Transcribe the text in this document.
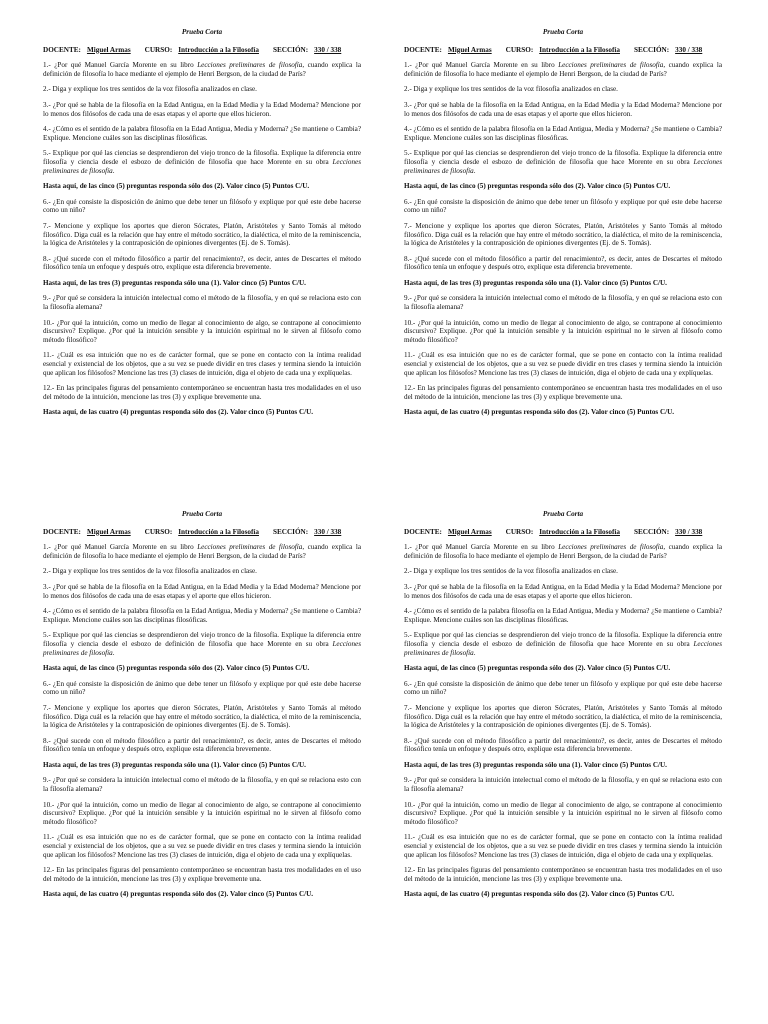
Prueba Corta
DOCENTE: Miguel Armas CURSO: Introducción a la Filosofía SECCIÓN: 330 / 338

1.- ¿Por qué Manuel García Morente en su libro Lecciones preliminares de filosofía, cuando explica la definición de filosofía lo hace mediante el ejemplo de Henri Bergson, de la ciudad de París?

2.- Diga y explique los tres sentidos de la voz filosofía analizados en clase.

3.- ¿Por qué se habla de la filosofía en la Edad Antigua, en la Edad Media y la Edad Moderna? Mencione por lo menos dos filósofos de cada una de esas etapas y el aporte que ellos hicieron.

4.- ¿Cómo es el sentido de la palabra filosofía en la Edad Antigua, Media y Moderna? ¿Se mantiene o Cambia? Explique. Mencione cuáles son las disciplinas filosóficas.

5.- Explique por qué las ciencias se desprendieron del viejo tronco de la filosofía. Explique la diferencia entre filosofía y ciencia desde el esbozo de definición de filosofía que hace Morente en su obra Lecciones preliminares de filosofía.

Hasta aquí, de las cinco (5) preguntas responda sólo dos (2). Valor cinco (5) Puntos C/U.

6.- ¿En qué consiste la disposición de ánimo que debe tener un filósofo y explique por qué este debe hacerse como un niño?

7.- Mencione y explique los aportes que dieron Sócrates, Platón, Aristóteles y Santo Tomás al método filosófico. Diga cuál es la relación que hay entre el método socrático, la dialéctica, el mito de la reminiscencia, la lógica de Aristóteles y la contraposición de opiniones divergentes (Ej. de S. Tomás).

8.- ¿Qué sucede con el método filosófico a partir del renacimiento?, es decir, antes de Descartes el método filosófico tenía un enfoque y después otro, explique esta diferencia brevemente.

Hasta aquí, de las tres (3) preguntas responda sólo una (1). Valor cinco (5) Puntos C/U.

9.- ¿Por qué se considera la intuición intelectual como el método de la filosofía, y en qué se relaciona esto con la filosofía alemana?

10.- ¿Por qué la intuición, como un medio de llegar al conocimiento de algo, se contrapone al conocimiento discursivo? Explique. ¿Por qué la intuición sensible y la intuición espiritual no le sirven al filósofo como método filosófico?

11.- ¿Cuál es esa intuición que no es de carácter formal, que se pone en contacto con la íntima realidad esencial y existencial de los objetos, que a su vez se puede dividir en tres clases y termina siendo la intuición que aplican los filósofos? Mencione las tres (3) clases de intuición, diga el objeto de cada una y explíquelas.

12.- En las principales figuras del pensamiento contemporáneo se encuentran hasta tres modalidades en el uso del método de la intuición, mencione las tres (3) y explique brevemente una.

Hasta aquí, de las cuatro (4) preguntas responda sólo dos (2). Valor cinco (5) Puntos C/U.

Prueba Corta
DOCENTE: Miguel Armas CURSO: Introducción a la Filosofía SECCIÓN: 330 / 338

1.- ¿Por qué Manuel García Morente en su libro Lecciones preliminares de filosofía, cuando explica la definición de filosofía lo hace mediante el ejemplo de Henri Bergson, de la ciudad de París?

2.- Diga y explique los tres sentidos de la voz filosofía analizados en clase.

3.- ¿Por qué se habla de la filosofía en la Edad Antigua, en la Edad Media y la Edad Moderna? Mencione por lo menos dos filósofos de cada una de esas etapas y el aporte que ellos hicieron.

4.- ¿Cómo es el sentido de la palabra filosofía en la Edad Antigua, Media y Moderna? ¿Se mantiene o Cambia? Explique. Mencione cuáles son las disciplinas filosóficas.

5.- Explique por qué las ciencias se desprendieron del viejo tronco de la filosofía. Explique la diferencia entre filosofía y ciencia desde el esbozo de definición de filosofía que hace Morente en su obra Lecciones preliminares de filosofía.

Hasta aquí, de las cinco (5) preguntas responda sólo dos (2). Valor cinco (5) Puntos C/U.

6.- ¿En qué consiste la disposición de ánimo que debe tener un filósofo y explique por qué este debe hacerse como un niño?

7.- Mencione y explique los aportes que dieron Sócrates, Platón, Aristóteles y Santo Tomás al método filosófico. Diga cuál es la relación que hay entre el método socrático, la dialéctica, el mito de la reminiscencia, la lógica de Aristóteles y la contraposición de opiniones divergentes (Ej. de S. Tomás).

8.- ¿Qué sucede con el método filosófico a partir del renacimiento?, es decir, antes de Descartes el método filosófico tenía un enfoque y después otro, explique esta diferencia brevemente.

Hasta aquí, de las tres (3) preguntas responda sólo una (1). Valor cinco (5) Puntos C/U.

9.- ¿Por qué se considera la intuición intelectual como el método de la filosofía, y en qué se relaciona esto con la filosofía alemana?

10.- ¿Por qué la intuición, como un medio de llegar al conocimiento de algo, se contrapone al conocimiento discursivo? Explique. ¿Por qué la intuición sensible y la intuición espiritual no le sirven al filósofo como método filosófico?

11.- ¿Cuál es esa intuición que no es de carácter formal, que se pone en contacto con la íntima realidad esencial y existencial de los objetos, que a su vez se puede dividir en tres clases y termina siendo la intuición que aplican los filósofos? Mencione las tres (3) clases de intuición, diga el objeto de cada una y explíquelas.

12.- En las principales figuras del pensamiento contemporáneo se encuentran hasta tres modalidades en el uso del método de la intuición, mencione las tres (3) y explique brevemente una.

Hasta aquí, de las cuatro (4) preguntas responda sólo dos (2). Valor cinco (5) Puntos C/U.

Prueba Corta
DOCENTE: Miguel Armas CURSO: Introducción a la Filosofía SECCIÓN: 330 / 338

1.- ¿Por qué Manuel García Morente en su libro Lecciones preliminares de filosofía, cuando explica la definición de filosofía lo hace mediante el ejemplo de Henri Bergson, de la ciudad de París?

2.- Diga y explique los tres sentidos de la voz filosofía analizados en clase.

3.- ¿Por qué se habla de la filosofía en la Edad Antigua, en la Edad Media y la Edad Moderna? Mencione por lo menos dos filósofos de cada una de esas etapas y el aporte que ellos hicieron.

4.- ¿Cómo es el sentido de la palabra filosofía en la Edad Antigua, Media y Moderna? ¿Se mantiene o Cambia? Explique. Mencione cuáles son las disciplinas filosóficas.

5.- Explique por qué las ciencias se desprendieron del viejo tronco de la filosofía. Explique la diferencia entre filosofía y ciencia desde el esbozo de definición de filosofía que hace Morente en su obra Lecciones preliminares de filosofía.

Hasta aquí, de las cinco (5) preguntas responda sólo dos (2). Valor cinco (5) Puntos C/U.

6.- ¿En qué consiste la disposición de ánimo que debe tener un filósofo y explique por qué este debe hacerse como un niño?

7.- Mencione y explique los aportes que dieron Sócrates, Platón, Aristóteles y Santo Tomás al método filosófico. Diga cuál es la relación que hay entre el método socrático, la dialéctica, el mito de la reminiscencia, la lógica de Aristóteles y la contraposición de opiniones divergentes (Ej. de S. Tomás).

8.- ¿Qué sucede con el método filosófico a partir del renacimiento?, es decir, antes de Descartes el método filosófico tenía un enfoque y después otro, explique esta diferencia brevemente.

Hasta aquí, de las tres (3) preguntas responda sólo una (1). Valor cinco (5) Puntos C/U.

9.- ¿Por qué se considera la intuición intelectual como el método de la filosofía, y en qué se relaciona esto con la filosofía alemana?

10.- ¿Por qué la intuición, como un medio de llegar al conocimiento de algo, se contrapone al conocimiento discursivo? Explique. ¿Por qué la intuición sensible y la intuición espiritual no le sirven al filósofo como método filosófico?

11.- ¿Cuál es esa intuición que no es de carácter formal, que se pone en contacto con la íntima realidad esencial y existencial de los objetos, que a su vez se puede dividir en tres clases y termina siendo la intuición que aplican los filósofos? Mencione las tres (3) clases de intuición, diga el objeto de cada una y explíquelas.

12.- En las principales figuras del pensamiento contemporáneo se encuentran hasta tres modalidades en el uso del método de la intuición, mencione las tres (3) y explique brevemente una.

Hasta aquí, de las cuatro (4) preguntas responda sólo dos (2). Valor cinco (5) Puntos C/U.

Prueba Corta
DOCENTE: Miguel Armas CURSO: Introducción a la Filosofía SECCIÓN: 330 / 338

1.- ¿Por qué Manuel García Morente en su libro Lecciones preliminares de filosofía, cuando explica la definición de filosofía lo hace mediante el ejemplo de Henri Bergson, de la ciudad de París?

2.- Diga y explique los tres sentidos de la voz filosofía analizados en clase.

3.- ¿Por qué se habla de la filosofía en la Edad Antigua, en la Edad Media y la Edad Moderna? Mencione por lo menos dos filósofos de cada una de esas etapas y el aporte que ellos hicieron.

4.- ¿Cómo es el sentido de la palabra filosofía en la Edad Antigua, Media y Moderna? ¿Se mantiene o Cambia? Explique. Mencione cuáles son las disciplinas filosóficas.

5.- Explique por qué las ciencias se desprendieron del viejo tronco de la filosofía. Explique la diferencia entre filosofía y ciencia desde el esbozo de definición de filosofía que hace Morente en su obra Lecciones preliminares de filosofía.

Hasta aquí, de las cinco (5) preguntas responda sólo dos (2). Valor cinco (5) Puntos C/U.

6.- ¿En qué consiste la disposición de ánimo que debe tener un filósofo y explique por qué este debe hacerse como un niño?

7.- Mencione y explique los aportes que dieron Sócrates, Platón, Aristóteles y Santo Tomás al método filosófico. Diga cuál es la relación que hay entre el método socrático, la dialéctica, el mito de la reminiscencia, la lógica de Aristóteles y la contraposición de opiniones divergentes (Ej. de S. Tomás).

8.- ¿Qué sucede con el método filosófico a partir del renacimiento?, es decir, antes de Descartes el método filosófico tenía un enfoque y después otro, explique esta diferencia brevemente.

Hasta aquí, de las tres (3) preguntas responda sólo una (1). Valor cinco (5) Puntos C/U.

9.- ¿Por qué se considera la intuición intelectual como el método de la filosofía, y en qué se relaciona esto con la filosofía alemana?

10.- ¿Por qué la intuición, como un medio de llegar al conocimiento de algo, se contrapone al conocimiento discursivo? Explique. ¿Por qué la intuición sensible y la intuición espiritual no le sirven al filósofo como método filosófico?

11.- ¿Cuál es esa intuición que no es de carácter formal, que se pone en contacto con la íntima realidad esencial y existencial de los objetos, que a su vez se puede dividir en tres clases y termina siendo la intuición que aplican los filósofos? Mencione las tres (3) clases de intuición, diga el objeto de cada una y explíquelas.

12.- En las principales figuras del pensamiento contemporáneo se encuentran hasta tres modalidades en el uso del método de la intuición, mencione las tres (3) y explique brevemente una.

Hasta aquí, de las cuatro (4) preguntas responda sólo dos (2). Valor cinco (5) Puntos C/U.
